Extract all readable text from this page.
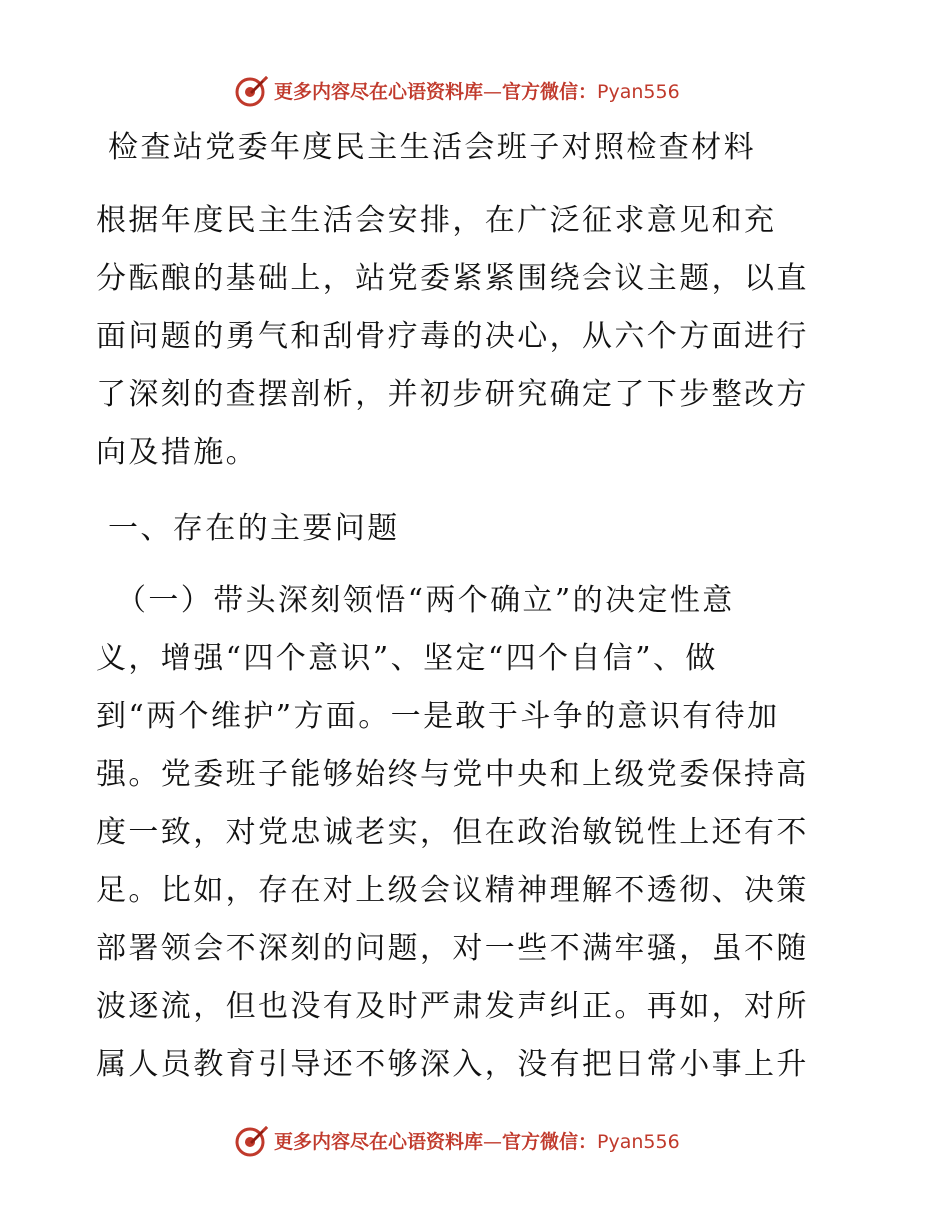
更多内容尽在心语资料库—官方微信：Pyan556
检查站党委年度民主生活会班子对照检查材料
根据年度民主生活会安排，在广泛征求意见和充
分酝酿的基础上，站党委紧紧围绕会议主题，以直
面问题的勇气和刮骨疗毒的决心，从六个方面进行
了深刻的查摆剖析，并初步研究确定了下步整改方
向及措施。
一、存在的主要问题
（一）带头深刻领悟“两个确立”的决定性意
义，增强“四个意识”、坚定“四个自信”、做
到“两个维护”方面。一是敢于斗争的意识有待加
强。党委班子能够始终与党中央和上级党委保持高
度一致，对党忠诚老实，但在政治敏锐性上还有不
足。比如，存在对上级会议精神理解不透彻、决策
部署领会不深刻的问题，对一些不满牢骚，虽不随
波逐流，但也没有及时严肃发声纠正。再如，对所
属人员教育引导还不够深入，没有把日常小事上升
更多内容尽在心语资料库—官方微信：Pyan556
